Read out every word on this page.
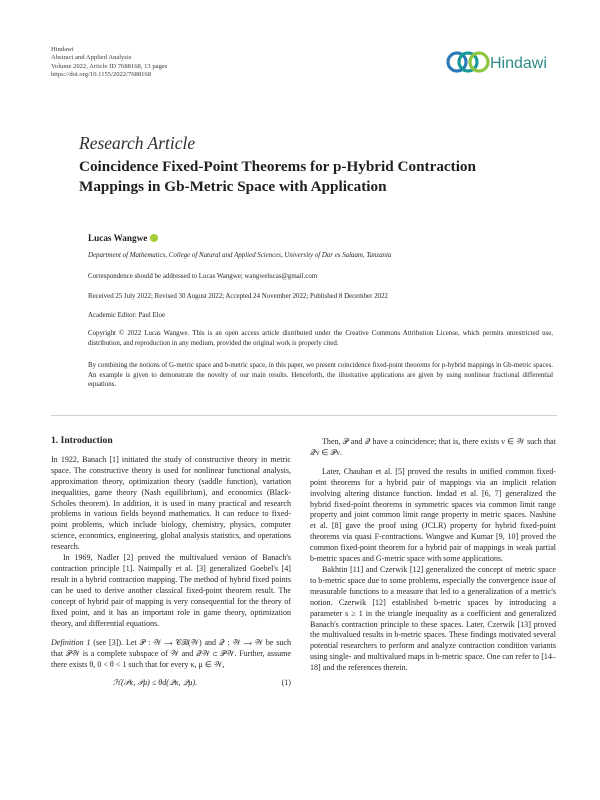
Hindawi
Abstract and Applied Analysis
Volume 2022, Article ID 7688168, 13 pages
https://doi.org/10.1155/2022/7688168
Hindawi
Research Article
Coincidence Fixed-Point Theorems for p-Hybrid Contraction
Mappings in Gb-Metric Space with Application
Lucas Wangwe
Department of Mathematics, College of Natural and Applied Sciences, University of Dar es Salaam, Tanzania
Correspondence should be addressed to Lucas Wangwe; wangwelucas@gmail.com
Received 25 July 2022; Revised 30 August 2022; Accepted 24 November 2022; Published 8 December 2022
Academic Editor: Paul Eloe
Copyright © 2022 Lucas Wangwe. This is an open access article distributed under the Creative Commons Attribution License, which permits unrestricted use, distribution, and reproduction in any medium, provided the original work is properly cited.
By combining the notions of G-metric space and b-metric space, in this paper, we present coincidence fixed-point theorems for p-hybrid mappings in Gb-metric spaces. An example is given to demonstrate the novelty of our main results. Henceforth, the illustrative applications are given by using nonlinear fractional differential equations.
1. Introduction

In 1922, Banach [1] initiated the study of constructive theory in metric space. The constructive theory is used for nonlinear functional analysis, approximation theory, optimization theory (saddle function), variation inequalities, game theory (Nash equilibrium), and economics (Black-Scholes theorem). In addition, it is used in many practical and research problems in various fields beyond mathematics. It can reduce to fixed-point problems, which include biology, chemistry, physics, computer science, economics, engineering, global analysis statistics, and operations research.

In 1969, Nadler [2] proved the multivalued version of Banach's contraction principle [1]. Naimpally et al. [3] generalized Goebel's [4] result in a hybrid contraction mapping. The method of hybrid fixed points can be used to derive another classical fixed-point theorem result. The concept of hybrid pair of mapping is very consequential for the theory of fixed point, and it has an important role in game theory, optimization theory, and differential equations.

Definition 1 (see [3]). Let 𝒫 : 𝒲 ⟶ 𝒞ℬ(𝒲) and 𝒬 : 𝒲 ⟶ 𝒲 be such that 𝒫𝒲 is a complete subspace of 𝒲 and 𝒬𝒲 ⊂ 𝒫𝒲. Further, assume there exists θ, 0 < θ < 1 such that for every κ, μ ∈ 𝒲,

ℋ(𝒫κ, 𝒫μ) ≤ θd(𝒬κ, 𝒬μ).	(1)

Then, 𝒫 and 𝒬 have a coincidence; that is, there exists ν ∈ 𝒲 such that 𝒬ν ∈ 𝒫ν.

Later, Chauhan et al. [5] proved the results in unified common fixed-point theorems for a hybrid pair of mappings via an implicit relation involving altering distance function. Imdad et al. [6, 7] generalized the hybrid fixed-point theorems in symmetric spaces via common limit range property and joint common limit range property in metric spaces. Nashine et al. [8] gave the proof using (JCLR) property for hybrid fixed-point theorems via quasi F-contractions. Wangwe and Kumar [9, 10] proved the common fixed-point theorem for a hybrid pair of mappings in weak partial b-metric spaces and G-metric space with some applications.

Bakhtin [11] and Czerwik [12] generalized the concept of metric space to b-metric space due to some problems, especially the convergence issue of measurable functions to a measure that led to a generalization of a metric's notion. Czerwik [12] established b-metric spaces by introducing a parameter s ≥ 1 in the triangle inequality as a coefficient and generalized Banach's contraction principle to these spaces. Later, Czerwik [13] proved the multivalued results in b-metric spaces. These findings motivated several potential researchers to perform and analyze contraction condition variants using single- and multivalued maps in b-metric space. One can refer to [14–18] and the references therein.
